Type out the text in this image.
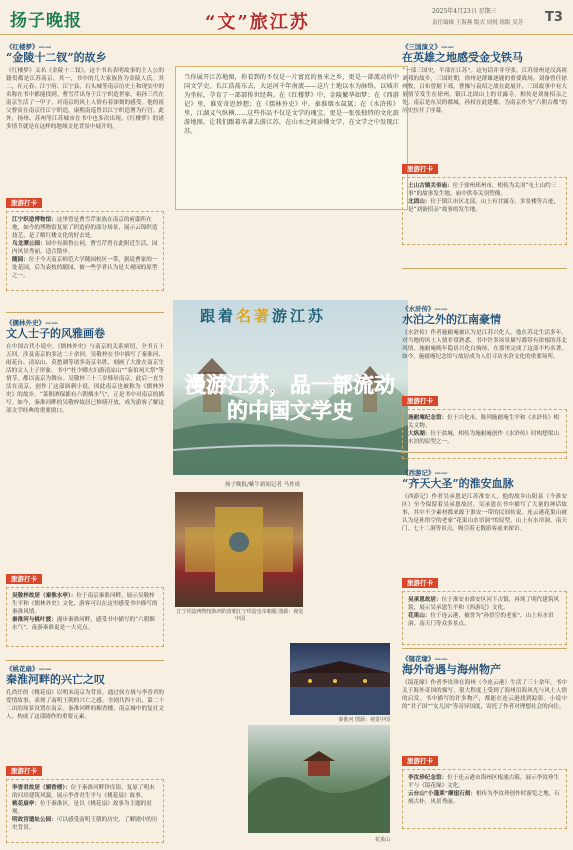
扬子晚报	“文”旅江苏
2025年4月23日 星期三
责任编辑 王海燕 版式 周悦 组版 吴芳 T3
《红楼梦》——
“金陵十二钗”的故乡
《红楼梦》又名《金陵十二钗》，这个书名表明故事的主人公的籍贯都是江苏南京。其一，书中的几大家族皆为金陵人氏。其二，在元春、江宁府、江宁县，石头城等南京历史上和现实中的名称在书中都能找到。曹雪芹出身于江宁织造世家，祖孙三代在南京生活了一甲子，对南京的风土人情有着深刻的感受。他的祖父曹寅在南京任江宁织造，康熙南巡曾以江宁织造署为行宫。此外，扬州、苏州等江苏城市在书中也多次出现。《红楼梦》的诸多情节就是在这样的地域文化背景中展开的。
旅游打卡
江宁织造博物馆：这里曾是曹雪芹家族在南京的府邸所在地，如今的博物馆复原了织造府的部分场景，展示云锦织造技艺，是了解红楼文化的好去处。
乌龙潭公园：园中有颜鲁公祠，曹雪芹曾在此附近生活，园内风景秀丽，适合散步。
随园：位于今天南京师范大学随园校区一带，据说曹家的一处花园，后为袁枚的随园，被一些学者认为是大观园的原型之一。
《儒林外史》——
文人士子的风雅画卷
在中国古代小说中，《儒林外史》与南京的关系密切，全书五十五回，涉及南京的多达二十余回。吴敬梓在书中描写了秦淮河、雨花台、清凉山、莫愁湖等诸多南京名胜，刻画了大批在南京生活的文人士子形象。书中“杜少卿夫妇游清凉山”“泰伯祠大祭”等情节，都以南京为舞台。吴敬梓三十三岁移居南京，此后一直生活在南京，创作了这部讽刺小说，因此南京也被称为《儒林外史》的故乡。“菜佣酒保都有六朝烟水气”，正是书中对南京的描写。如今，秦淮河畔的吴敬梓故居已修缮开放，成为游客了解这部文学经典的重要窗口。
旅游打卡
吴敬梓故居（秦淮水亭）：位于南京秦淮河畔，展示吴敬梓生平和《儒林外史》文化，游客可以在这里感受书中描写的秦淮风情。
秦淮河与桃叶渡：漫步秦淮河畔，感受书中描写的“六朝烟水气”，夜游秦淮更是一大亮点。
《桃花扇》——
秦淮河畔的兴亡之叹
孔尚任的《桃花扇》以明末南京为背景，通过侯方域与李香君的爱情故事，表现了南明王朝的兴亡之感。全剧共四十出，第二十二出的场景设置在南京。秦淮河畔的媚香楼、南京城中的复社文人，构成了这部剧作的重要元素。
旅游打卡
李香君故居（媚香楼）：位于秦淮河畔钞库街，复原了明末的河房建筑风貌，展示李香君生平与《桃花扇》故事。
桃花扇亭：位于秦淮区，是以《桃花扇》故事为主题的景观。
明故宫遗址公园：可以感受南明王朝的历史，了解剧中的历史背景。
当你展开江苏地图，你看到的不仅是一片富庶的鱼米之乡，更是一部流动的中国文学史。长江浩荡东去，大运河千年南流——这片土地以水为脉络，以城市为坐标，孕育了一部部传世经典。在《红楼梦》中，金陵繁华如梦；在《西游记》里，淮安奇思妙想；在《儒林外史》中，秦淮烟水氤氲；在《水浒传》里，江湖义气纵横……这些作品不仅是文学的瑰宝，更是一张张独特的文化旅游地图。让我们跟着名著去游江苏，在山水之间读懂文学，在文学之中发现江苏。
跟着名著游江苏
漫游江苏，品一部流动的中国文学史
扬子晚报/紫牛新闻记者 马祚成
江宁织造博物馆陈列的清朝江宁织造皇帝朝服 图源：视觉中国
秦淮河 图源：视觉中国
花果山
《三国演义》——
在英雄之地感受金戈铁马
“一部三国史，半部在江苏”。这句话并非夸张。江苏徐州是汉高祖刘邦的故乡，三国时期，徐州是群雄逐鹿的重要战场。刘备曾任徐州牧，吕布曾据下邳，曹操与袁绍之战在此展开，三国故事中有大量情节发生在徐州。镇江北固山上的甘露寺，相传是刘备招亲之处。南京是东吴的都城，孙权在此建都，为南京作为“六朝古都”的历史拉开了序幕。
旅游打卡
土山古镇关帝庙：位于徐州邳州市，相传为关羽“屯土山约三事”的故事发生地，庙中供奉关羽塑像。
北固山：位于镇江市区北部，山上有甘露寺、多景楼等古迹，是“刘备招亲”故事的发生地。
《水浒传》——
水泊之外的江南豪情
《水浒传》作者施耐庵被认为是江苏兴化人，他在苏北生活多年，对当地的风土人情非常熟悉。书中许多场景描写都带有浓郁的苏北风情。施耐庵晚年隐居兴化白驹场，在那里完成了这部不朽名著。如今，施耐庵纪念馆与故居成为人们寻访水浒文化的重要场所。
旅游打卡
施耐庵纪念馆：位于兴化市，陈列施耐庵生平和《水浒传》相关文物。
大纵湖：位于盐城，相传为施耐庵创作《水浒传》时构想梁山水泊的原型之一。
《西游记》——
“齐天大圣”的淮安血脉
《西游记》作者吴承恩是江苏淮安人，他的故乡山阳县（今淮安区）至今保留着吴承恩故居。吴承恩在书中描写了大量的神话故事，其中不少素材都来源于淮安一带的民间传说。连云港花果山被认为是孙悟空的老家“花果山水帘洞”的原型，山上有水帘洞、南天门、七十二洞等景点，吸引着无数游客前来探访。
旅游打卡
吴承恩故居：位于淮安市淮安区河下古镇，再现了明代建筑风貌，展示吴承恩生平和《西游记》文化。
花果山：位于连云港，被誉为“孙悟空的老家”，山上有水帘洞、南天门等众多景点。
《镜花缘》——
海外奇遇与海州物产
《镜花缘》作者李汝珍在海州（今连云港）生活了三十余年，书中关于海外奇国的描写，很大程度上受到了海州沿海风光与风土人情的启发。书中描写的许多物产，都能在连云港找到踪影。小说中的“君子国”“女儿国”等奇异国度，寄托了作者对理想社会的向往。
旅游打卡
李汝珍纪念馆：位于连云港市海州区板浦古镇，展示李汝珍生平与《镜花缘》文化。
云台山“小蓬莱”摩崖石刻：相传为李汝珍创作时游览之地，石刻古朴，风景秀丽。
